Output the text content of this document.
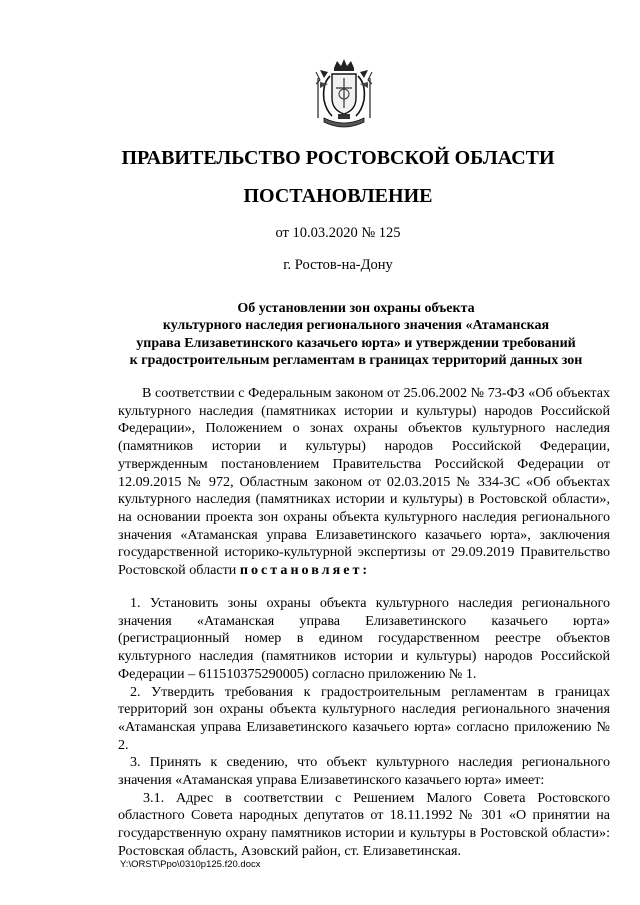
ПРАВИТЕЛЬСТВО РОСТОВСКОЙ ОБЛАСТИ
ПОСТАНОВЛЕНИЕ
от 10.03.2020 № 125
г. Ростов-на-Дону
Об установлении зон охраны объекта
культурного наследия регионального значения «Атаманская
управа Елизаветинского казачьего юрта» и утверждении требований
к градостроительным регламентам в границах территорий данных зон

В соответствии с Федеральным законом от 25.06.2002 № 73-ФЗ «Об объектах культурного наследия (памятниках истории и культуры) народов Российской Федерации», Положением о зонах охраны объектов культурного наследия (памятников истории и культуры) народов Российской Федерации, утвержденным постановлением Правительства Российской Федерации от 12.09.2015 № 972, Областным законом от 02.03.2015 № 334-ЗС «Об объектах культурного наследия (памятниках истории и культуры) в Ростовской области», на основании проекта зон охраны объекта культурного наследия регионального значения «Атаманская управа Елизаветинского казачьего юрта», заключения государственной историко-культурной экспертизы от 29.09.2019 Правительство Ростовской области постановляет:

1. Установить зоны охраны объекта культурного наследия регионального значения «Атаманская управа Елизаветинского казачьего юрта» (регистрационный номер в едином государственном реестре объектов культурного наследия (памятников истории и культуры) народов Российской Федерации – 611510375290005) согласно приложению № 1.

2. Утвердить требования к градостроительным регламентам в границах территорий зон охраны объекта культурного наследия регионального значения «Атаманская управа Елизаветинского казачьего юрта» согласно приложению № 2.

3. Принять к сведению, что объект культурного наследия регионального значения «Атаманская управа Елизаветинского казачьего юрта» имеет:

3.1. Адрес в соответствии с Решением Малого Совета Ростовского областного Совета народных депутатов от 18.11.1992 № 301 «О принятии на государственную охрану памятников истории и культуры в Ростовской области»: Ростовская область, Азовский район, ст. Елизаветинская.

Y:\ORST\Ppo\0310p125.f20.docx
